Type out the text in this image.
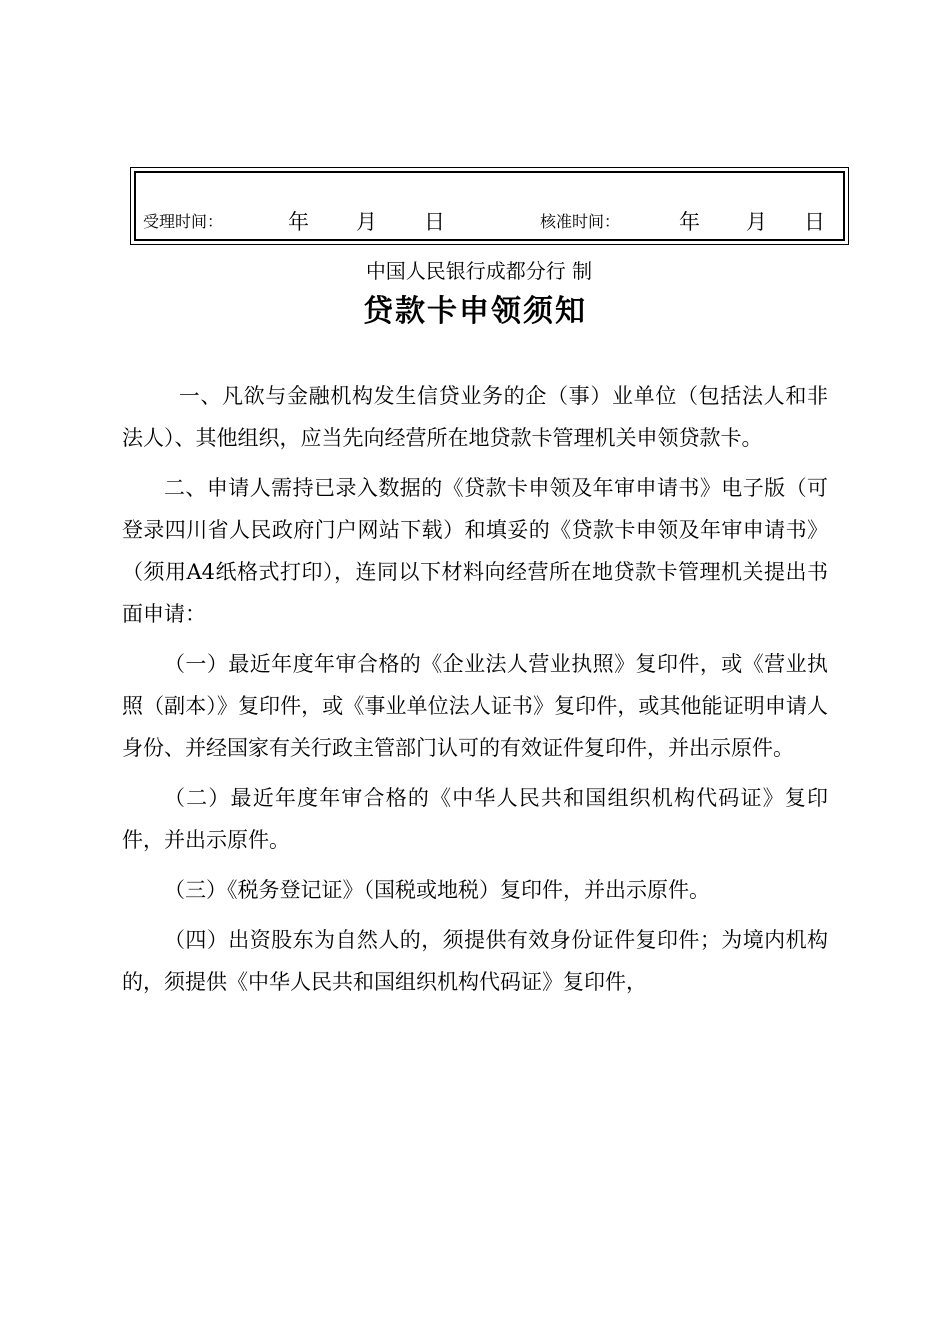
受理时间：	年 月 日	核准时间：	年 月 日
中国人民银行成都分行 制
贷款卡申领须知

一、凡欲与金融机构发生信贷业务的企（事）业单位（包括法人和非法人）、其他组织，应当先向经营所在地贷款卡管理机关申领贷款卡。

二、申请人需持已录入数据的《贷款卡申领及年审申请书》电子版（可登录四川省人民政府门户网站下载）和填妥的《贷款卡申领及年审申请书》（须用A4纸格式打印），连同以下材料向经营所在地贷款卡管理机关提出书面申请：

（一）最近年度年审合格的《企业法人营业执照》复印件，或《营业执照（副本）》复印件，或《事业单位法人证书》复印件，或其他能证明申请人身份、并经国家有关行政主管部门认可的有效证件复印件，并出示原件。

（二）最近年度年审合格的《中华人民共和国组织机构代码证》复印件，并出示原件。

（三）《税务登记证》（国税或地税）复印件，并出示原件。

（四）出资股东为自然人的，须提供有效身份证件复印件；为境内机构的，须提供《中华人民共和国组织机构代码证》复印件，
